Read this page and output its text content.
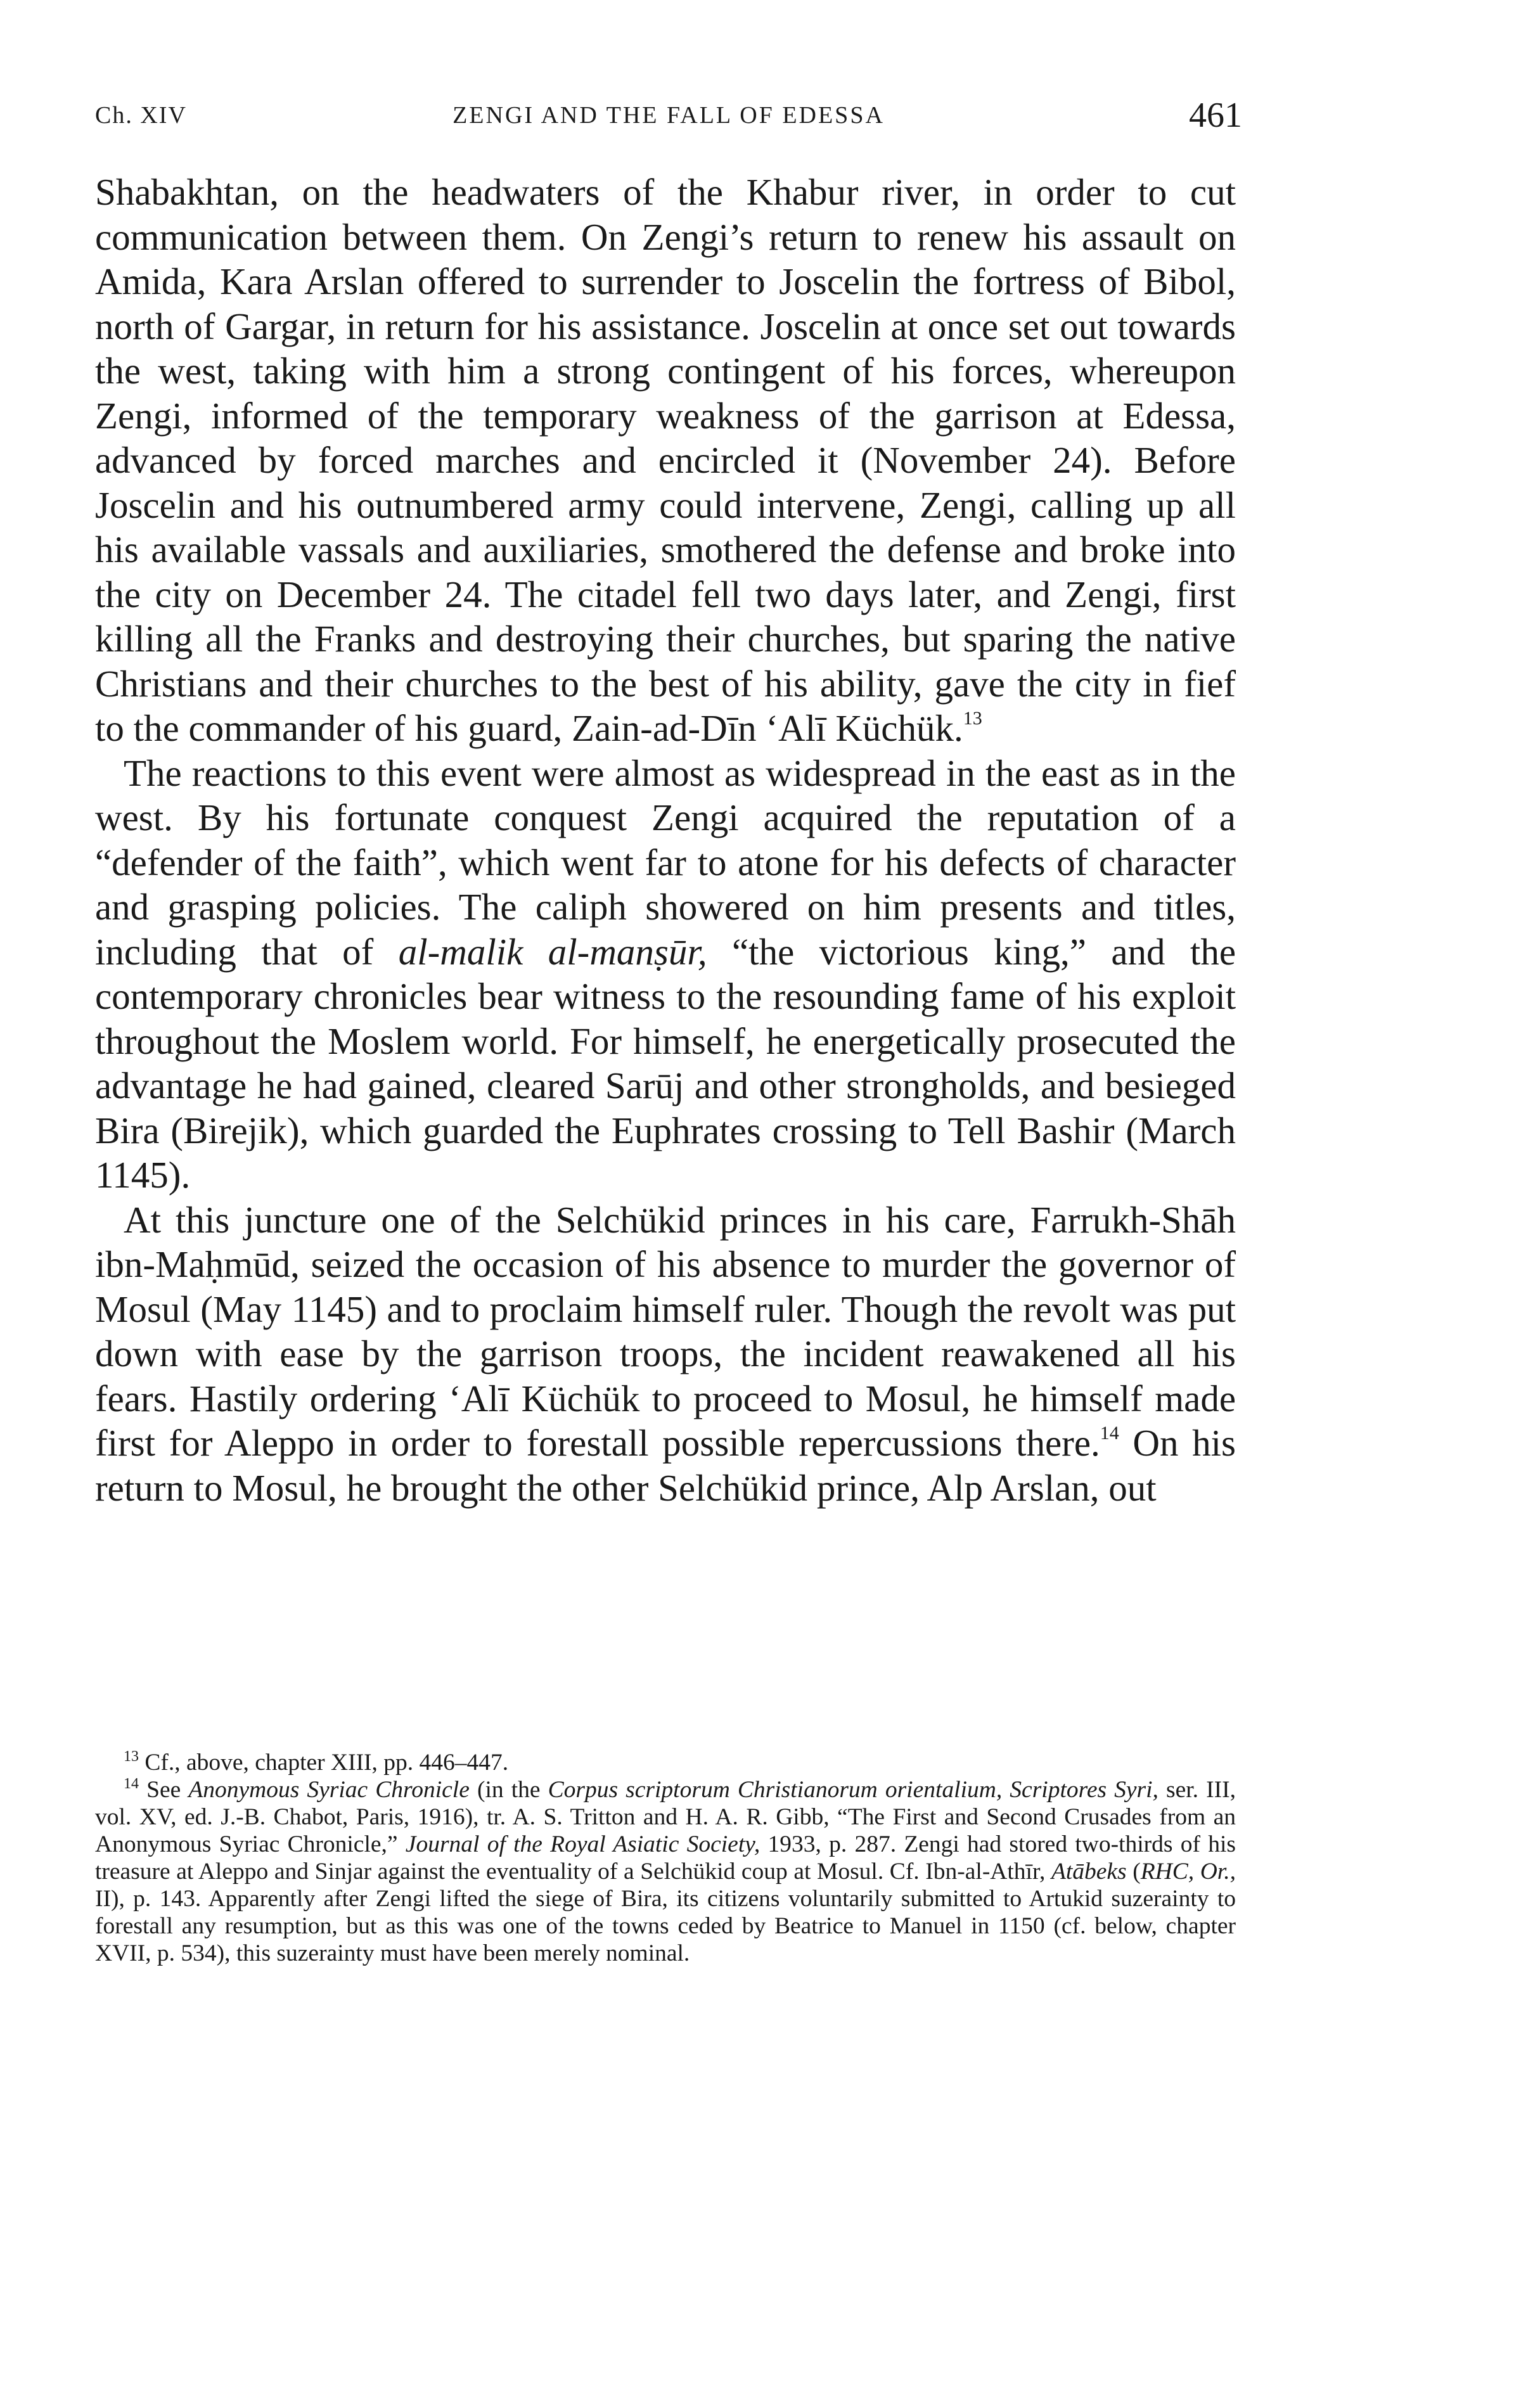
Ch. XIV	ZENGI AND THE FALL OF EDESSA	461

Shabakhtan, on the headwaters of the Khabur river, in order to cut communication between them. On Zengi’s return to renew his assault on Amida, Kara Arslan offered to surrender to Joscelin the fortress of Bibol, north of Gargar, in return for his assistance. Joscelin at once set out towards the west, taking with him a strong contingent of his forces, whereupon Zengi, informed of the temporary weakness of the garrison at Edessa, advanced by forced marches and encircled it (November 24). Before Joscelin and his outnumbered army could intervene, Zengi, calling up all his available vassals and auxiliaries, smothered the defense and broke into the city on December 24. The citadel fell two days later, and Zengi, first killing all the Franks and destroying their churches, but sparing the native Christians and their churches to the best of his ability, gave the city in fief to the commander of his guard, Zain-ad-Dīn ‘Alī Küchük.$^{13}$

The reactions to this event were almost as widespread in the east as in the west. By his fortunate conquest Zengi acquired the reputation of a “defender of the faith”, which went far to atone for his defects of character and grasping policies. The caliph showered on him presents and titles, including that of al-malik al-manṣūr, “the victorious king,” and the contemporary chronicles bear witness to the resounding fame of his exploit throughout the Moslem world. For himself, he energetically prosecuted the advantage he had gained, cleared Sarūj and other strongholds, and besieged Bira (Birejik), which guarded the Euphrates crossing to Tell Bashir (March 1145).

At this juncture one of the Selchükid princes in his care, Farrukh-Shāh ibn-Maḥmūd, seized the occasion of his absence to murder the governor of Mosul (May 1145) and to proclaim himself ruler. Though the revolt was put down with ease by the garrison troops, the incident reawakened all his fears. Hastily ordering ‘Alī Küchük to proceed to Mosul, he himself made first for Aleppo in order to forestall possible repercussions there.$^{14}$ On his return to Mosul, he brought the other Selchükid prince, Alp Arslan, out

$^{13}$ Cf., above, chapter XIII, pp. 446–447.

$^{14}$ See Anonymous Syriac Chronicle (in the Corpus scriptorum Christianorum orientalium, Scriptores Syri, ser. III, vol. XV, ed. J.-B. Chabot, Paris, 1916), tr. A. S. Tritton and H. A. R. Gibb, “The First and Second Crusades from an Anonymous Syriac Chronicle,” Journal of the Royal Asiatic Society, 1933, p. 287. Zengi had stored two-thirds of his treasure at Aleppo and Sinjar against the eventuality of a Selchükid coup at Mosul. Cf. Ibn-al-Athīr, Atābeks (RHC, Or., II), p. 143. Apparently after Zengi lifted the siege of Bira, its citizens voluntarily submitted to Artukid suzerainty to forestall any resumption, but as this was one of the towns ceded by Beatrice to Manuel in 1150 (cf. below, chapter XVII, p. 534), this suzerainty must have been merely nominal.
